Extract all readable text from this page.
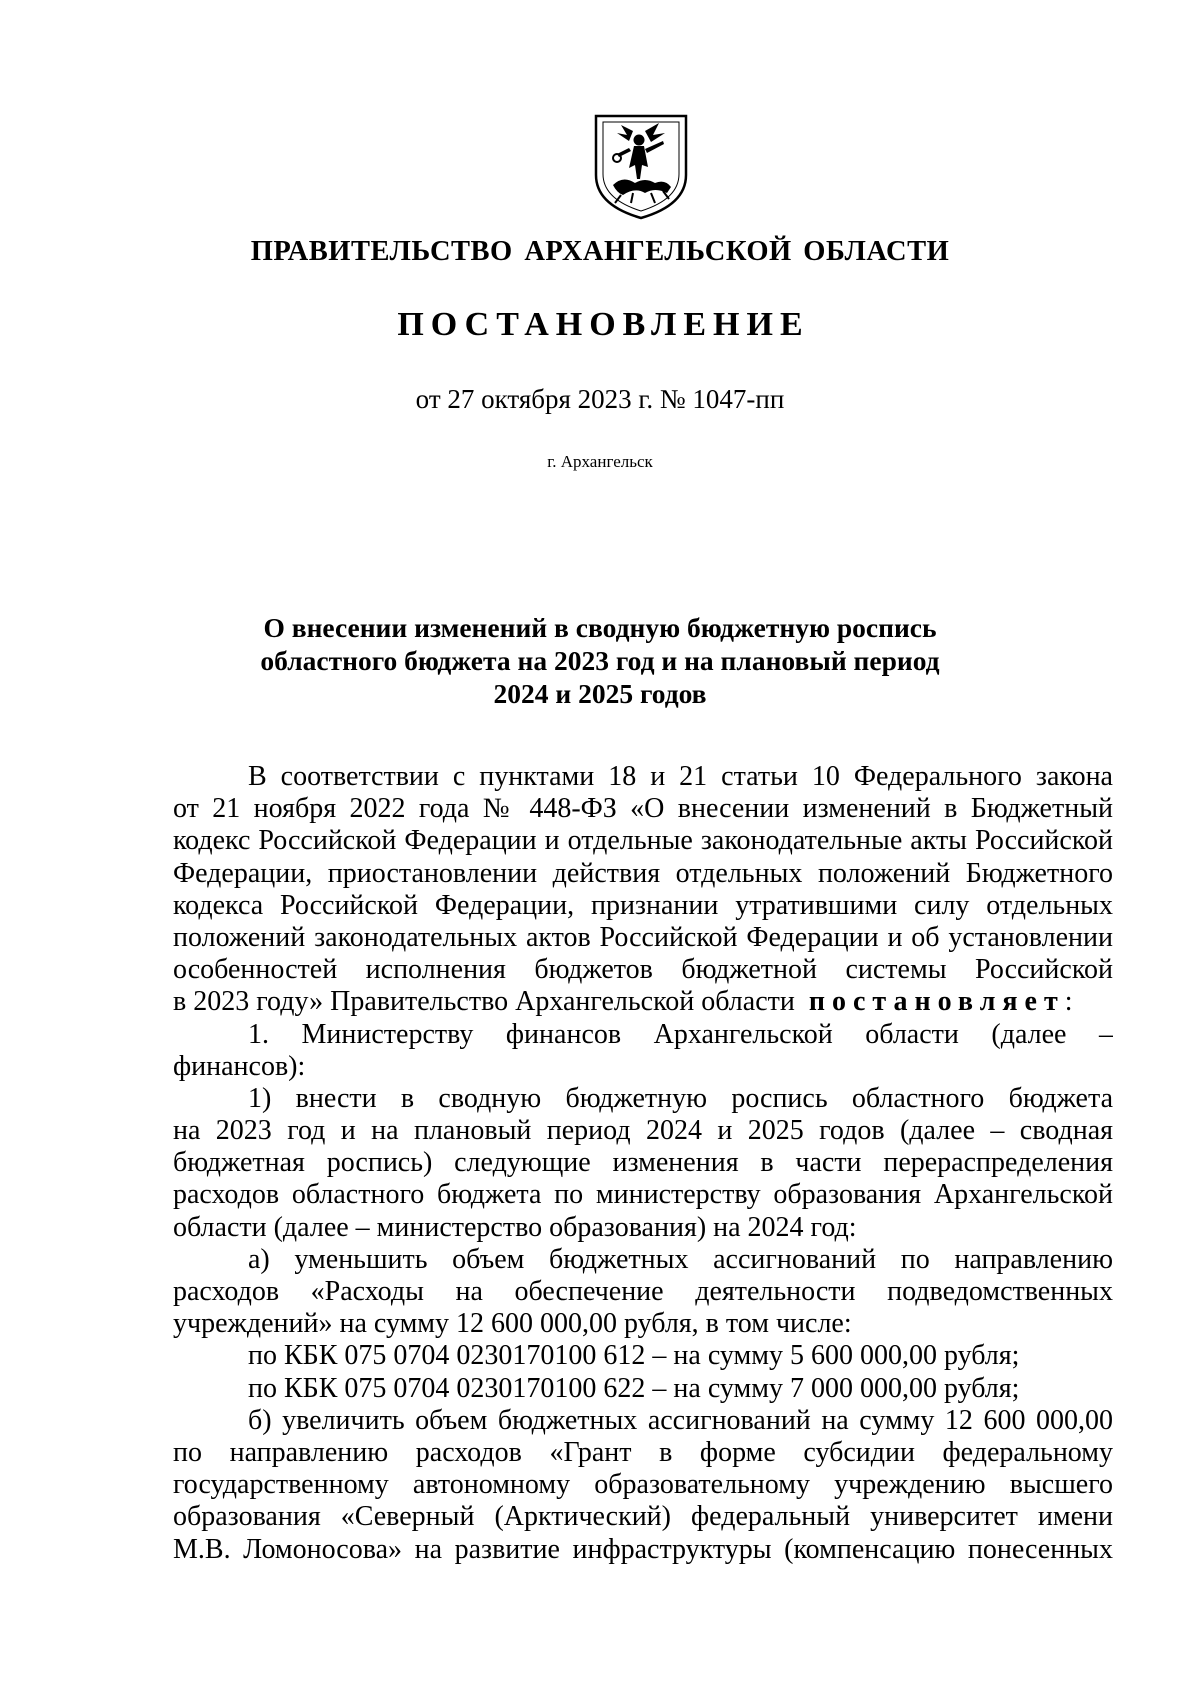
ПРАВИТЕЛЬСТВО АРХАНГЕЛЬСКОЙ ОБЛАСТИ
ПОСТАНОВЛЕНИЕ
от 27 октября 2023 г. № 1047-пп
г. Архангельск
О внесении изменений в сводную бюджетную роспись
областного бюджета на 2023 год и на плановый период
2024 и 2025 годов
В соответствии с пунктами 18 и 21 статьи 10 Федерального закона
от 21 ноября 2022 года № 448-ФЗ «О внесении изменений в Бюджетный
кодекс Российской Федерации и отдельные законодательные акты Российской
Федерации, приостановлении действия отдельных положений Бюджетного
кодекса Российской Федерации, признании утратившими силу отдельных
положений законодательных актов Российской Федерации и об установлении
особенностей исполнения бюджетов бюджетной системы Российской
в 2023 году» Правительство Архангельской области постановляет:
1. Министерству финансов Архангельской области (далее –
финансов):
1) внести в сводную бюджетную роспись областного бюджета
на 2023 год и на плановый период 2024 и 2025 годов (далее – сводная
бюджетная роспись) следующие изменения в части перераспределения
расходов областного бюджета по министерству образования Архангельской
области (далее – министерство образования) на 2024 год:
а) уменьшить объем бюджетных ассигнований по направлению
расходов «Расходы на обеспечение деятельности подведомственных
учреждений» на сумму 12 600 000,00 рубля, в том числе:
по КБК 075 0704 0230170100 612 – на сумму 5 600 000,00 рубля;
по КБК 075 0704 0230170100 622 – на сумму 7 000 000,00 рубля;
б) увеличить объем бюджетных ассигнований на сумму 12 600 000,00
по направлению расходов «Грант в форме субсидии федеральному
государственному автономному образовательному учреждению высшего
образования «Северный (Арктический) федеральный университет имени
М.В. Ломоносова» на развитие инфраструктуры (компенсацию понесенных
